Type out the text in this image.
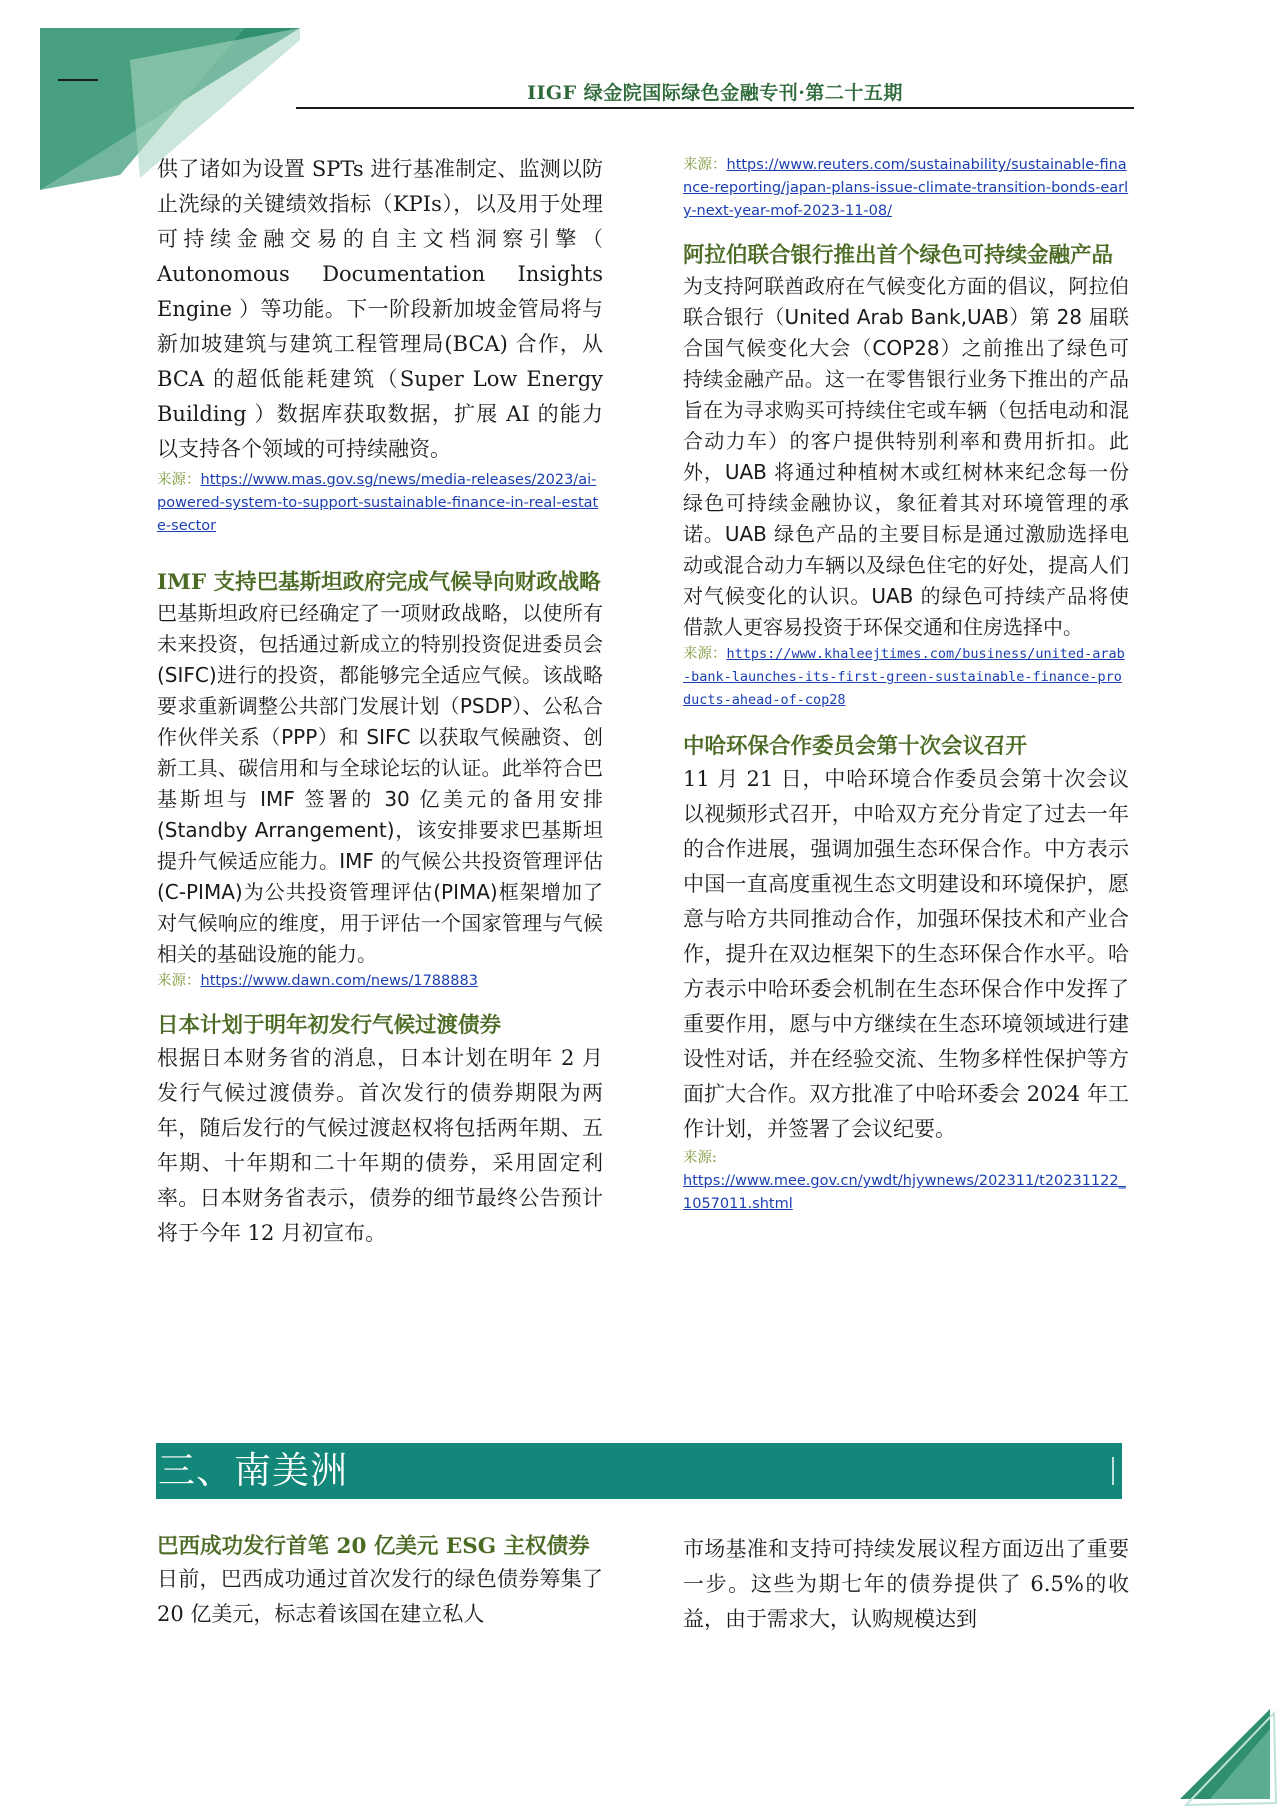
IIGF 绿金院国际绿色金融专刊·第二十五期

供了诸如为设置 SPTs 进行基准制定、监测以防止洗绿的关键绩效指标（KPIs），以及用于处理可持续金融交易的自主文档洞察引擎（ Autonomous Documentation Insights Engine ）等功能。下一阶段新加坡金管局将与新加坡建筑与建筑工程管理局(BCA) 合作，从 BCA 的超低能耗建筑（Super Low Energy Building ）数据库获取数据，扩展 AI 的能力以支持各个领域的可持续融资。

来源：https://www.mas.gov.sg/news/media-releases/2023/ai-powered-system-to-support-sustainable-finance-in-real-estate-sector

IMF 支持巴基斯坦政府完成气候导向财政战略

巴基斯坦政府已经确定了一项财政战略，以使所有未来投资，包括通过新成立的特别投资促进委员会(SIFC)进行的投资，都能够完全适应气候。该战略要求重新调整公共部门发展计划（PSDP）、公私合作伙伴关系（PPP）和 SIFC 以获取气候融资、创新工具、碳信用和与全球论坛的认证。此举符合巴基斯坦与 IMF 签署的 30 亿美元的备用安排 (Standby Arrangement)，该安排要求巴基斯坦提升气候适应能力。IMF 的气候公共投资管理评估 (C-PIMA)为公共投资管理评估(PIMA)框架增加了对气候响应的维度，用于评估一个国家管理与气候相关的基础设施的能力。

来源：https://www.dawn.com/news/1788883

日本计划于明年初发行气候过渡债券

根据日本财务省的消息，日本计划在明年 2 月发行气候过渡债券。首次发行的债券期限为两年，随后发行的气候过渡赵权将包括两年期、五年期、十年期和二十年期的债券，采用固定利率。日本财务省表示，债券的细节最终公告预计将于今年 12 月初宣布。

来源：https://www.reuters.com/sustainability/sustainable-finance-reporting/japan-plans-issue-climate-transition-bonds-early-next-year-mof-2023-11-08/

阿拉伯联合银行推出首个绿色可持续金融产品

为支持阿联酋政府在气候变化方面的倡议，阿拉伯联合银行（United Arab Bank,UAB）第 28 届联合国气候变化大会（COP28）之前推出了绿色可持续金融产品。这一在零售银行业务下推出的产品旨在为寻求购买可持续住宅或车辆（包括电动和混合动力车）的客户提供特别利率和费用折扣。此外，UAB 将通过种植树木或红树林来纪念每一份绿色可持续金融协议，象征着其对环境管理的承诺。UAB 绿色产品的主要目标是通过激励选择电动或混合动力车辆以及绿色住宅的好处，提高人们对气候变化的认识。UAB 的绿色可持续产品将使借款人更容易投资于环保交通和住房选择中。

来源：https://www.khaleejtimes.com/business/united-arab-bank-launches-its-first-green-sustainable-finance-products-ahead-of-cop28

中哈环保合作委员会第十次会议召开

11 月 21 日，中哈环境合作委员会第十次会议以视频形式召开，中哈双方充分肯定了过去一年的合作进展，强调加强生态环保合作。中方表示中国一直高度重视生态文明建设和环境保护，愿意与哈方共同推动合作，加强环保技术和产业合作，提升在双边框架下的生态环保合作水平。哈方表示中哈环委会机制在生态环保合作中发挥了重要作用，愿与中方继续在生态环境领域进行建设性对话，并在经验交流、生物多样性保护等方面扩大合作。双方批准了中哈环委会 2024 年工作计划，并签署了会议纪要。

来源:
https://www.mee.gov.cn/ywdt/hjywnews/202311/t20231122_1057011.shtml

三、南美洲

巴西成功发行首笔 20 亿美元 ESG 主权债券

日前，巴西成功通过首次发行的绿色债券筹集了 20 亿美元，标志着该国在建立私人

市场基准和支持可持续发展议程方面迈出了重要一步。这些为期七年的债券提供了 6.5%的收益，由于需求大，认购规模达到
